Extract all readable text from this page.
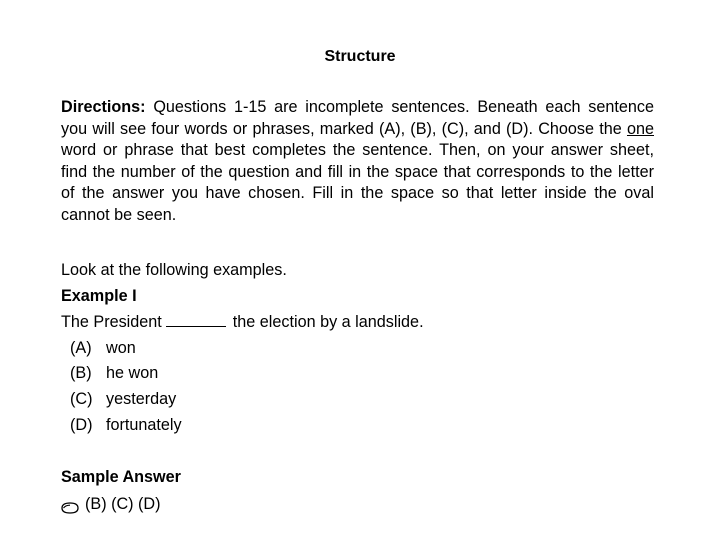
Structure

Directions: Questions 1-15 are incomplete sentences. Beneath each sentence you will see four words or phrases, marked (A), (B), (C), and (D). Choose the one word or phrase that best completes the sentence. Then, on your answer sheet, find the number of the question and fill in the space that corresponds to the letter of the answer you have chosen. Fill in the space so that letter inside the oval cannot be seen.

Look at the following examples.
Example I
The President	the election by a landslide.
(A) won
(B) he won
(C) yesterday
(D) fortunately
Sample Answer
(B) (C) (D)
